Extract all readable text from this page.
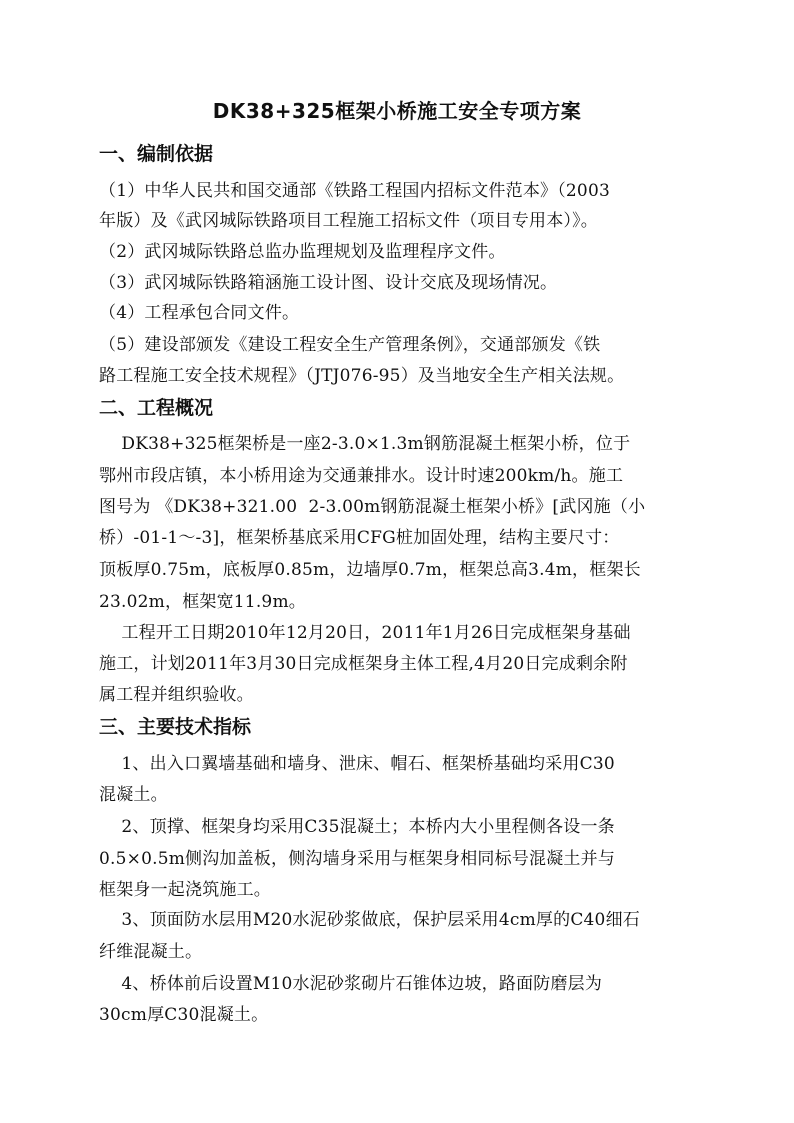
DK38+325框架小桥施工安全专项方案
一、编制依据
（1）中华人民共和国交通部《铁路工程国内招标文件范本》（2003
年版）及《武冈城际铁路项目工程施工招标文件（项目专用本）》。
（2）武冈城际铁路总监办监理规划及监理程序文件。
（3）武冈城际铁路箱涵施工设计图、设计交底及现场情况。
（4）工程承包合同文件。
（5）建设部颁发《建设工程安全生产管理条例》，交通部颁发《铁
路工程施工安全技术规程》（JTJ076-95）及当地安全生产相关法规。
二、工程概况
DK38+325框架桥是一座2-3.0×1.3m钢筋混凝土框架小桥，位于
鄂州市段店镇，本小桥用途为交通兼排水。设计时速200km/h。施工
图号为 《DK38+321.00  2-3.00m钢筋混凝土框架小桥》[武冈施（小
桥）-01-1～-3]，框架桥基底采用CFG桩加固处理，结构主要尺寸：
顶板厚0.75m，底板厚0.85m，边墙厚0.7m，框架总高3.4m，框架长
23.02m，框架宽11.9m。
工程开工日期2010年12月20日，2011年1月26日完成框架身基础
施工，计划2011年3月30日完成框架身主体工程,4月20日完成剩余附
属工程并组织验收。
三、主要技术指标
1、出入口翼墙基础和墙身、泄床、帽石、框架桥基础均采用C30
混凝土。
2、顶撑、框架身均采用C35混凝土；本桥内大小里程侧各设一条
0.5×0.5m侧沟加盖板，侧沟墙身采用与框架身相同标号混凝土并与
框架身一起浇筑施工。
3、顶面防水层用M20水泥砂浆做底，保护层采用4cm厚的C40细石
纤维混凝土。
4、桥体前后设置M10水泥砂浆砌片石锥体边坡，路面防磨层为
30cm厚C30混凝土。
